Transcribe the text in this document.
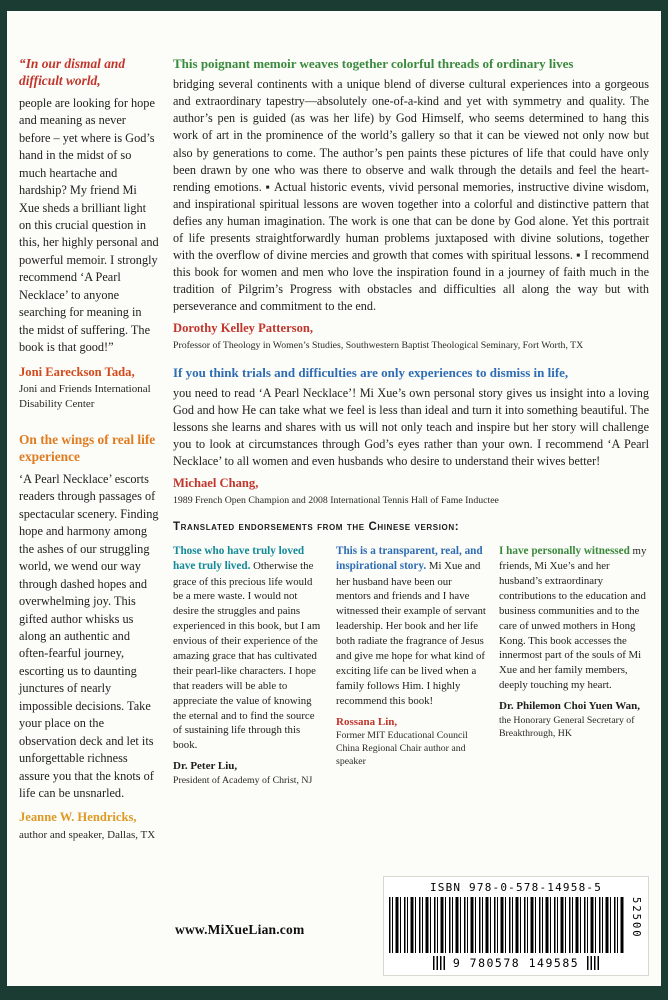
“In our dismal and difficult world,

people are looking for hope and meaning as never before – yet where is God’s hand in the midst of so much heartache and hardship? My friend Mi Xue sheds a brilliant light on this crucial question in this, her highly personal and powerful memoir. I strongly recommend ‘A Pearl Necklace’ to anyone searching for meaning in the midst of suffering. The book is that good!”

Joni Eareckson Tada,
Joni and Friends International Disability Center
On the wings of real life experience

‘A Pearl Necklace’ escorts readers through passages of spectacular scenery. Finding hope and harmony among the ashes of our struggling world, we wend our way through dashed hopes and overwhelming joy. This gifted author whisks us along an authentic and often-fearful journey, escorting us to daunting junctures of nearly impossible decisions. Take your place on the observation deck and let its unforgettable richness assure you that the knots of life can be unsnarled.

Jeanne W. Hendricks,
author and speaker, Dallas, TX
This poignant memoir weaves together colorful threads of ordinary lives

bridging several continents with a unique blend of diverse cultural experiences into a gorgeous and extraordinary tapestry—absolutely one-of-a-kind and yet with symmetry and quality. The author’s pen is guided (as was her life) by God Himself, who seems determined to hang this work of art in the prominence of the world’s gallery so that it can be viewed not only now but also by generations to come. The author’s pen paints these pictures of life that could have only been drawn by one who was there to observe and walk through the details and feel the heart-rending emotions. ▪ Actual historic events, vivid personal memories, instructive divine wisdom, and inspirational spiritual lessons are woven together into a colorful and distinctive pattern that defies any human imagination. The work is one that can be done by God alone. Yet this portrait of life presents straightforwardly human problems juxtaposed with divine solutions, together with the overflow of divine mercies and growth that comes with spiritual lessons. ▪ I recommend this book for women and men who love the inspiration found in a journey of faith much in the tradition of Pilgrim’s Progress with obstacles and difficulties all along the way but with perseverance and commitment to the end.

Dorothy Kelley Patterson,
Professor of Theology in Women’s Studies, Southwestern Baptist Theological Seminary, Fort Worth, TX
If you think trials and difficulties are only experiences to dismiss in life,

you need to read ‘A Pearl Necklace’! Mi Xue’s own personal story gives us insight into a loving God and how He can take what we feel is less than ideal and turn it into something beautiful. The lessons she learns and shares with us will not only teach and inspire but her story will challenge you to look at circumstances through God’s eyes rather than your own. I recommend ‘A Pearl Necklace’ to all women and even husbands who desire to understand their wives better!

Michael Chang,
1989 French Open Champion and 2008 International Tennis Hall of Fame Inductee
Translated endorsements from the Chinese version:

Those who have truly loved have truly lived. Otherwise the grace of this precious life would be a mere waste. I would not desire the struggles and pains experienced in this book, but I am envious of their experience of the amazing grace that has cultivated their pearl-like characters. I hope that readers will be able to appreciate the value of knowing the eternal and to find the source of sustaining life through this book.

Dr. Peter Liu,
President of Academy of Christ, NJ

This is a transparent, real, and inspirational story. Mi Xue and her husband have been our mentors and friends and I have witnessed their example of servant leadership. Her book and her life both radiate the fragrance of Jesus and give me hope for what kind of exciting life can be lived when a family follows Him. I highly recommend this book!

Rossana Lin,
Former MIT Educational Council China Regional Chair author and speaker

I have personally witnessed my friends, Mi Xue’s and her husband’s extraordinary contributions to the education and business communities and to the care of unwed mothers in Hong Kong. This book accesses the innermost part of the souls of Mi Xue and her family members, deeply touching my heart.

Dr. Philemon Choi Yuen Wan,
the Honorary General Secretary of Breakthrough, HK
www.MiXueLian.com
ISBN 978-0-578-14958-5
52500
9 780578 149585
